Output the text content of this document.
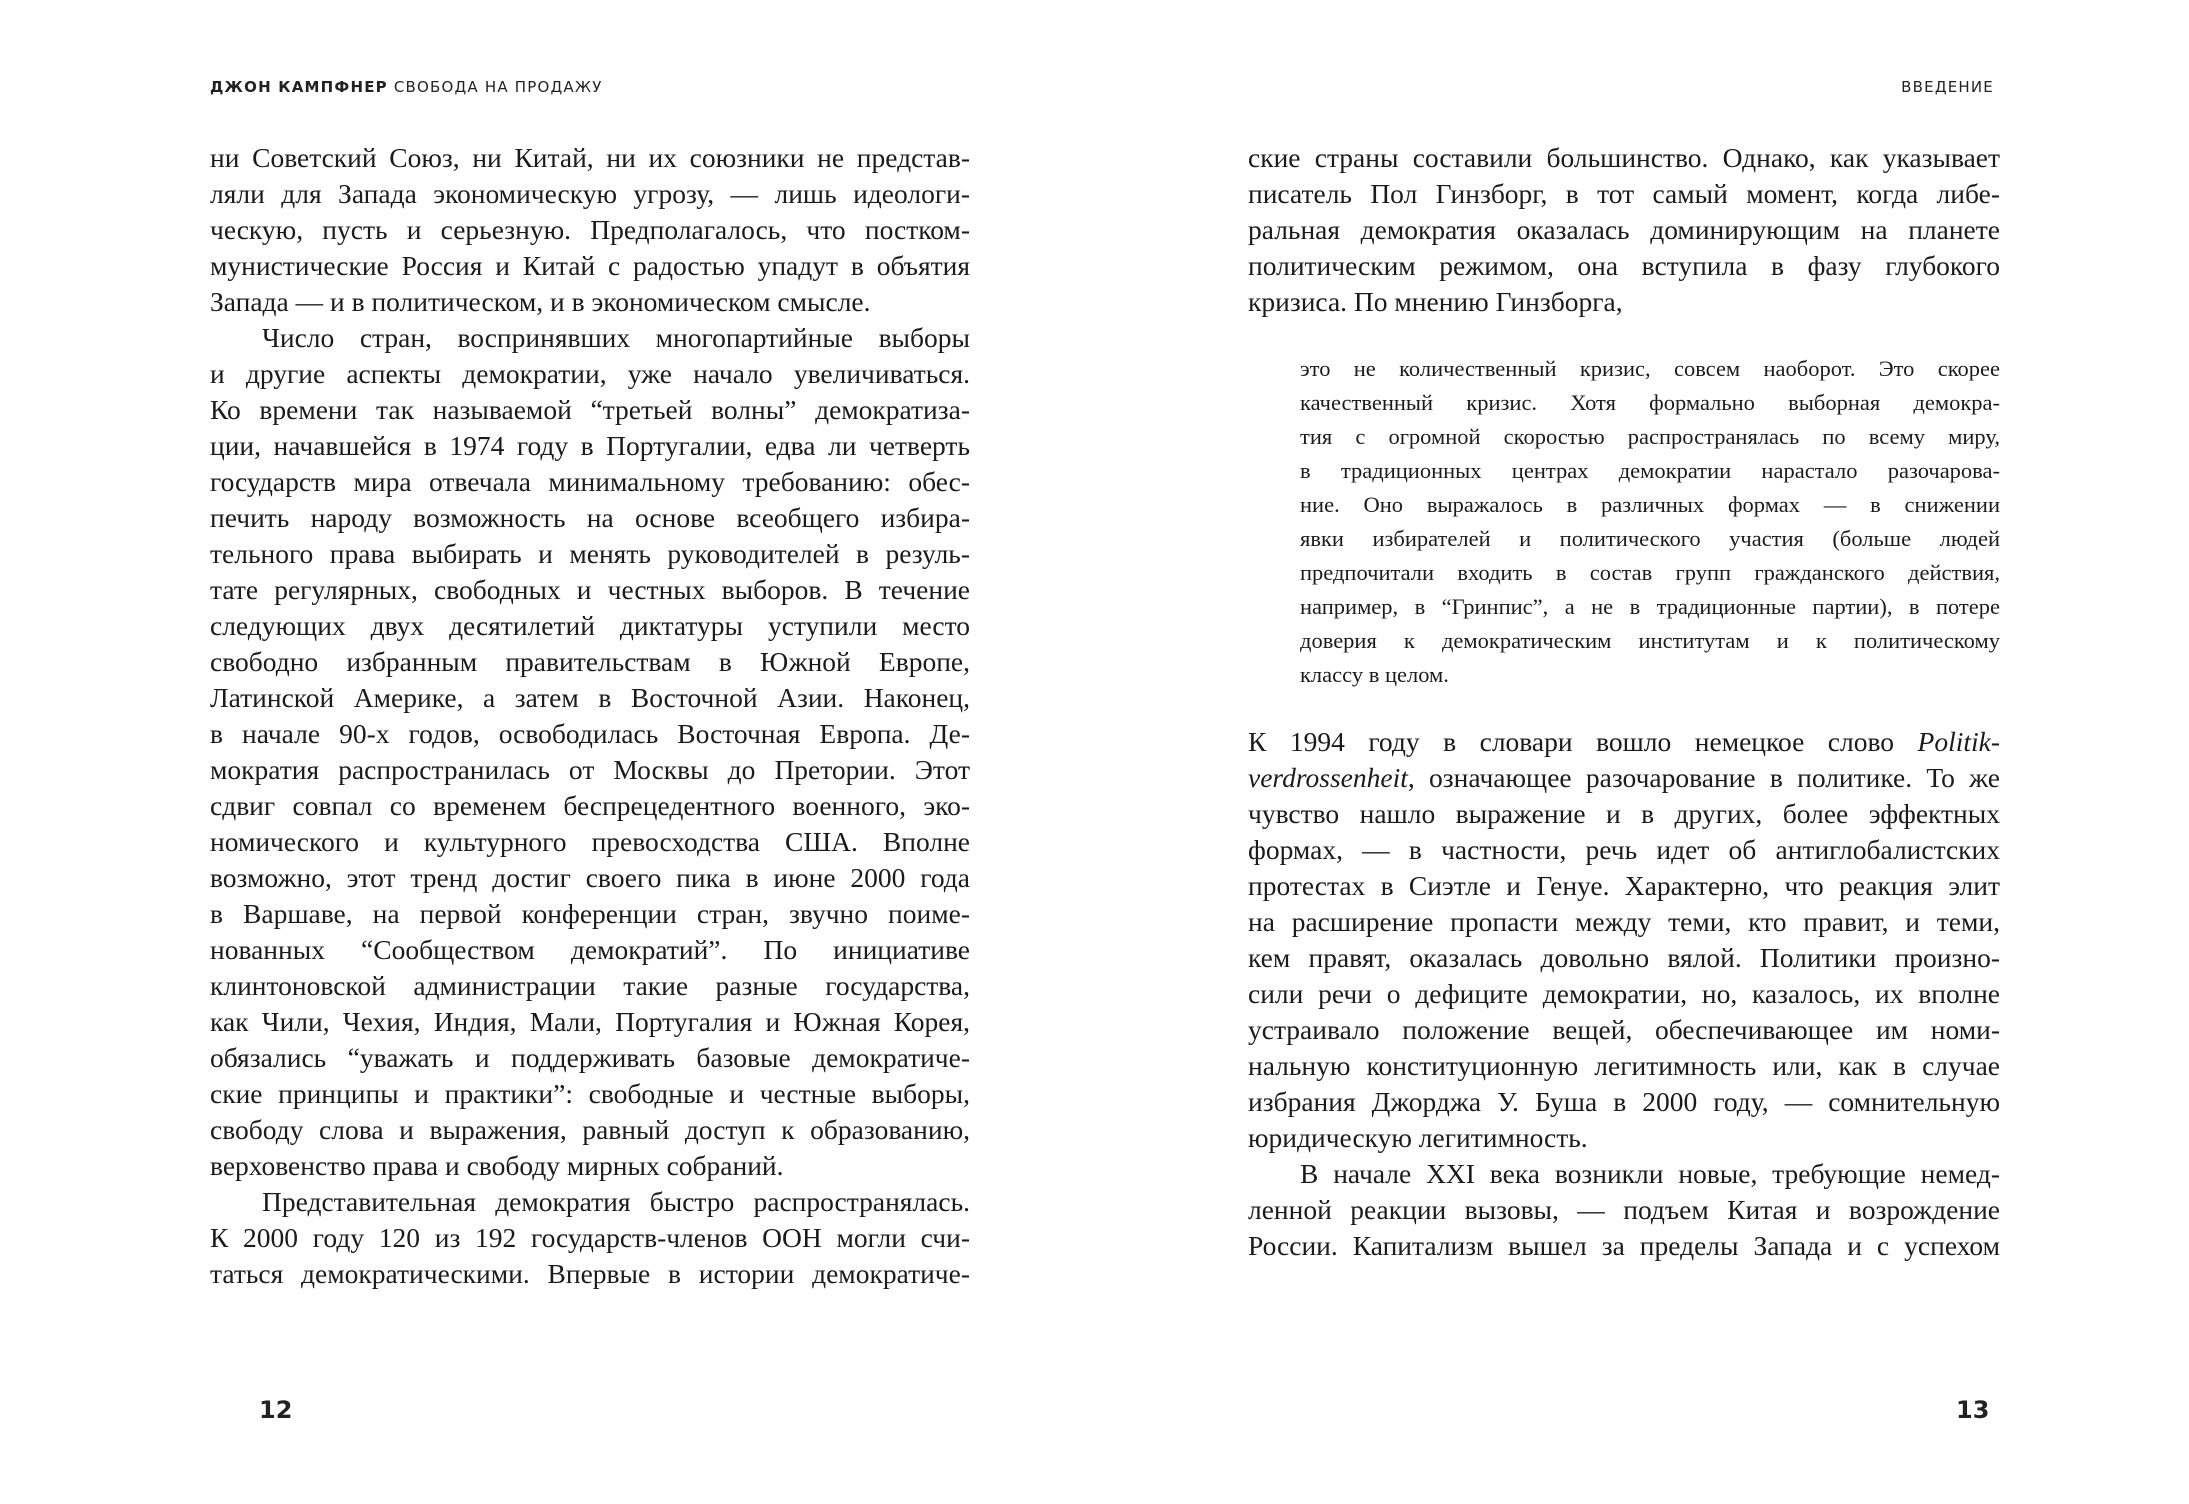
ДЖОН КАМПФНЕР СВОБОДА НА ПРОДАЖУ
ни Советский Союз, ни Китай, ни их союзники не представ-
ляли для Запада экономическую угрозу, — лишь идеологи-
ческую, пусть и серьезную. Предполагалось, что постком-
мунистические Россия и Китай с радостью упадут в объятия
Запада — и в политическом, и в экономическом смысле.
Число стран, воспринявших многопартийные выборы
и другие аспекты демократии, уже начало увеличиваться.
Ко времени так называемой “третьей волны” демократиза-
ции, начавшейся в 1974 году в Португалии, едва ли четверть
государств мира отвечала минимальному требованию: обес-
печить народу возможность на основе всеобщего избира-
тельного права выбирать и менять руководителей в резуль-
тате регулярных, свободных и честных выборов. В течение
следующих двух десятилетий диктатуры уступили место
свободно избранным правительствам в Южной Европе,
Латинской Америке, а затем в Восточной Азии. Наконец,
в начале 90-х годов, освободилась Восточная Европа. Де-
мократия распространилась от Москвы до Претории. Этот
сдвиг совпал со временем беспрецедентного военного, эко-
номического и культурного превосходства США. Вполне
возможно, этот тренд достиг своего пика в июне 2000 года
в Варшаве, на первой конференции стран, звучно поиме-
нованных “Сообществом демократий”. По инициативе
клинтоновской администрации такие разные государства,
как Чили, Чехия, Индия, Мали, Португалия и Южная Корея,
обязались “уважать и поддерживать базовые демократиче-
ские принципы и практики”: свободные и честные выборы,
свободу слова и выражения, равный доступ к образованию,
верховенство права и свободу мирных собраний.
Представительная демократия быстро распространялась.
К 2000 году 120 из 192 государств-членов ООН могли счи-
таться демократическими. Впервые в истории демократиче-
12
ВВЕДЕНИЕ
ские страны составили большинство. Однако, как указывает
писатель Пол Гинзборг, в тот самый момент, когда либе-
ральная демократия оказалась доминирующим на планете
политическим режимом, она вступила в фазу глубокого
кризиса. По мнению Гинзборга,
это не количественный кризис, совсем наоборот. Это скорее
качественный кризис. Хотя формально выборная демокра-
тия с огромной скоростью распространялась по всему миру,
в традиционных центрах демократии нарастало разочарова-
ние. Оно выражалось в различных формах — в снижении
явки избирателей и политического участия (больше людей
предпочитали входить в состав групп гражданского действия,
например, в “Гринпис”, а не в традиционные партии), в потере
доверия к демократическим институтам и к политическому
классу в целом.
К 1994 году в словари вошло немецкое слово Politik-
verdrossenheit, означающее разочарование в политике. То же
чувство нашло выражение и в других, более эффектных
формах, — в частности, речь идет об антиглобалистских
протестах в Сиэтле и Генуе. Характерно, что реакция элит
на расширение пропасти между теми, кто правит, и теми,
кем правят, оказалась довольно вялой. Политики произно-
сили речи о дефиците демократии, но, казалось, их вполне
устраивало положение вещей, обеспечивающее им номи-
нальную конституционную легитимность или, как в случае
избрания Джорджа У. Буша в 2000 году, — сомнительную
юридическую легитимность.
В начале XXI века возникли новые, требующие немед-
ленной реакции вызовы, — подъем Китая и возрождение
России. Капитализм вышел за пределы Запада и с успехом
13
